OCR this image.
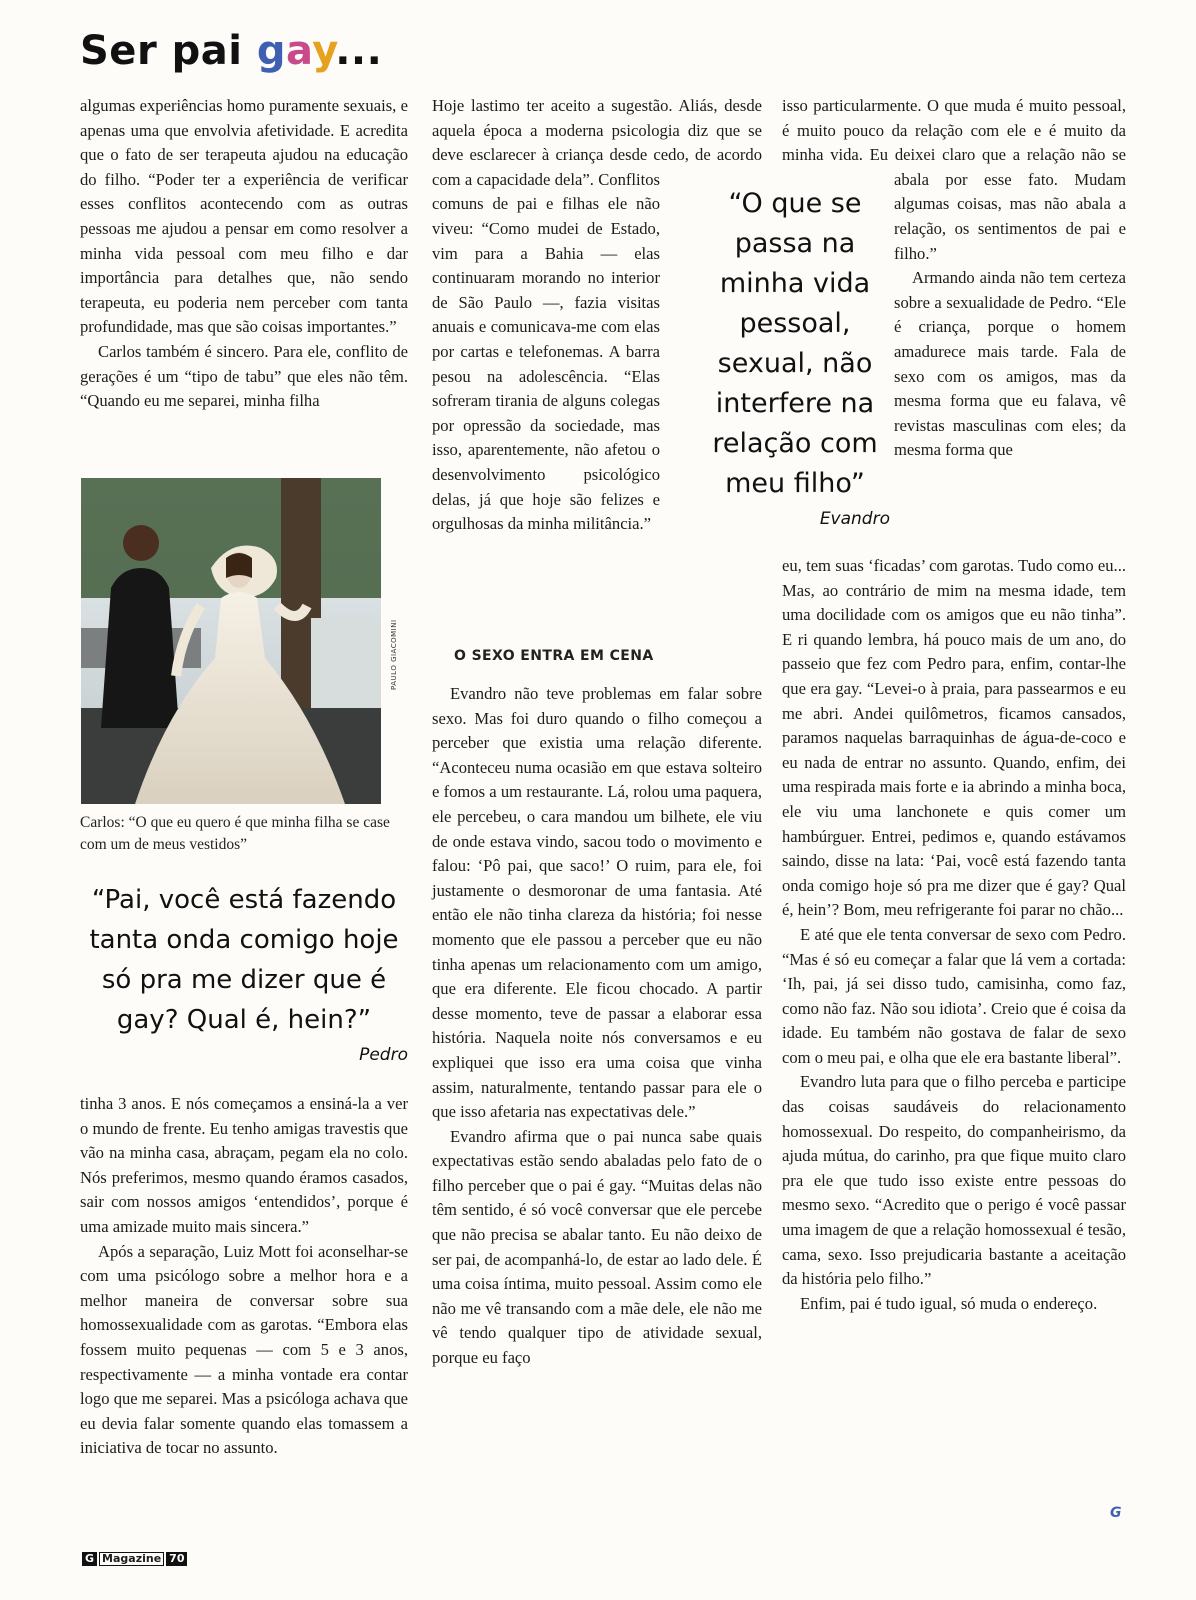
Ser pai gay...

algumas experiências homo puramente sexuais, e apenas uma que envolvia afetividade. E acredita que o fato de ser terapeuta ajudou na educação do filho. “Poder ter a experiência de verificar esses conflitos acontecendo com as outras pessoas me ajudou a pensar em como resolver a minha vida pessoal com meu filho e dar importância para detalhes que, não sendo terapeuta, eu poderia nem perceber com tanta profundidade, mas que são coisas importantes.”

Carlos também é sincero. Para ele, conflito de gerações é um “tipo de tabu” que eles não têm. “Quando eu me separei, minha filha

PAULO GIACOMINI
Carlos: “O que eu quero é que minha filha se case com um de meus vestidos”
“Pai, você está fazendo tanta onda comigo hoje só pra me dizer que é gay? Qual é, hein?”
Pedro

tinha 3 anos. E nós começamos a ensiná-la a ver o mundo de frente. Eu tenho amigas travestis que vão na minha casa, abraçam, pegam ela no colo. Nós preferimos, mesmo quando éramos casados, sair com nossos amigos ‘entendidos’, porque é uma amizade muito mais sincera.”

Após a separação, Luiz Mott foi aconselhar-se com uma psicólogo sobre a melhor hora e a melhor maneira de conversar sobre sua homossexualidade com as garotas. “Embora elas fossem muito pequenas — com 5 e 3 anos, respectivamente — a minha vontade era contar logo que me separei. Mas a psicóloga achava que eu devia falar somente quando elas tomassem a iniciativa de tocar no assunto.

Hoje lastimo ter aceito a sugestão. Aliás, desde aquela época a moderna psicologia diz que se deve esclarecer à criança desde cedo, de acordo com a capacidade dela”. Conflitos comuns de pai e filhas ele não viveu: “Como mudei de Estado, vim para a Bahia — elas continuaram morando no interior de São Paulo —, fazia visitas anuais e comunicava-me com elas por cartas e telefonemas. A barra pesou na adolescência. “Elas sofreram tirania de alguns colegas por opressão da sociedade, mas isso, aparentemente, não afetou o desenvolvimento psicológico delas, já que hoje são felizes e orgulhosas da minha militância.”

“O que se passa na minha vida pessoal, sexual, não interfere na relação com meu filho”
Evandro
O SEXO ENTRA EM CENA

Evandro não teve problemas em falar sobre sexo. Mas foi duro quando o filho começou a perceber que existia uma relação diferente. “Aconteceu numa ocasião em que estava solteiro e fomos a um restaurante. Lá, rolou uma paquera, ele percebeu, o cara mandou um bilhete, ele viu de onde estava vindo, sacou todo o movimento e falou: ‘Pô pai, que saco!’ O ruim, para ele, foi justamente o desmoronar de uma fantasia. Até então ele não tinha clareza da história; foi nesse momento que ele passou a perceber que eu não tinha apenas um relacionamento com um amigo, que era diferente. Ele ficou chocado. A partir desse momento, teve de passar a elaborar essa história. Naquela noite nós conversamos e eu expliquei que isso era uma coisa que vinha assim, naturalmente, tentando passar para ele o que isso afetaria nas expectativas dele.”

Evandro afirma que o pai nunca sabe quais expectativas estão sendo abaladas pelo fato de o filho perceber que o pai é gay. “Muitas delas não têm sentido, é só você conversar que ele percebe que não precisa se abalar tanto. Eu não deixo de ser pai, de acompanhá-lo, de estar ao lado dele. É uma coisa íntima, muito pessoal. Assim como ele não me vê transando com a mãe dele, ele não me vê tendo qualquer tipo de atividade sexual, porque eu faço

isso particularmente. O que muda é muito pessoal, é muito pouco da relação com ele e é muito da minha vida. Eu deixei claro que a relação não se abala por esse fato. Mudam algumas coisas, mas não abala a relação, os sentimentos de pai e filho.”

Armando ainda não tem certeza sobre a sexualidade de Pedro. “Ele é criança, porque o homem amadurece mais tarde. Fala de sexo com os amigos, mas da mesma forma que eu falava, vê revistas masculinas com eles; da mesma forma que

eu, tem suas ‘ficadas’ com garotas. Tudo como eu... Mas, ao contrário de mim na mesma idade, tem uma docilidade com os amigos que eu não tinha”. E ri quando lembra, há pouco mais de um ano, do passeio que fez com Pedro para, enfim, contar-lhe que era gay. “Levei-o à praia, para passearmos e eu me abri. Andei quilômetros, ficamos cansados, paramos naquelas barraquinhas de água-de-coco e eu nada de entrar no assunto. Quando, enfim, dei uma respirada mais forte e ia abrindo a minha boca, ele viu uma lanchonete e quis comer um hambúrguer. Entrei, pedimos e, quando estávamos saindo, disse na lata: ‘Pai, você está fazendo tanta onda comigo hoje só pra me dizer que é gay? Qual é, hein’? Bom, meu refrigerante foi parar no chão...

E até que ele tenta conversar de sexo com Pedro. “Mas é só eu começar a falar que lá vem a cortada: ‘Ih, pai, já sei disso tudo, camisinha, como faz, como não faz. Não sou idiota’. Creio que é coisa da idade. Eu também não gostava de falar de sexo com o meu pai, e olha que ele era bastante liberal”.

Evandro luta para que o filho perceba e participe das coisas saudáveis do relacionamento homossexual. Do respeito, do companheirismo, da ajuda mútua, do carinho, pra que fique muito claro pra ele que tudo isso existe entre pessoas do mesmo sexo. “Acredito que o perigo é você passar uma imagem de que a relação homossexual é tesão, cama, sexo. Isso prejudicaria bastante a aceitação da história pelo filho.”

Enfim, pai é tudo igual, só muda o endereço.

G
G Magazine 70
